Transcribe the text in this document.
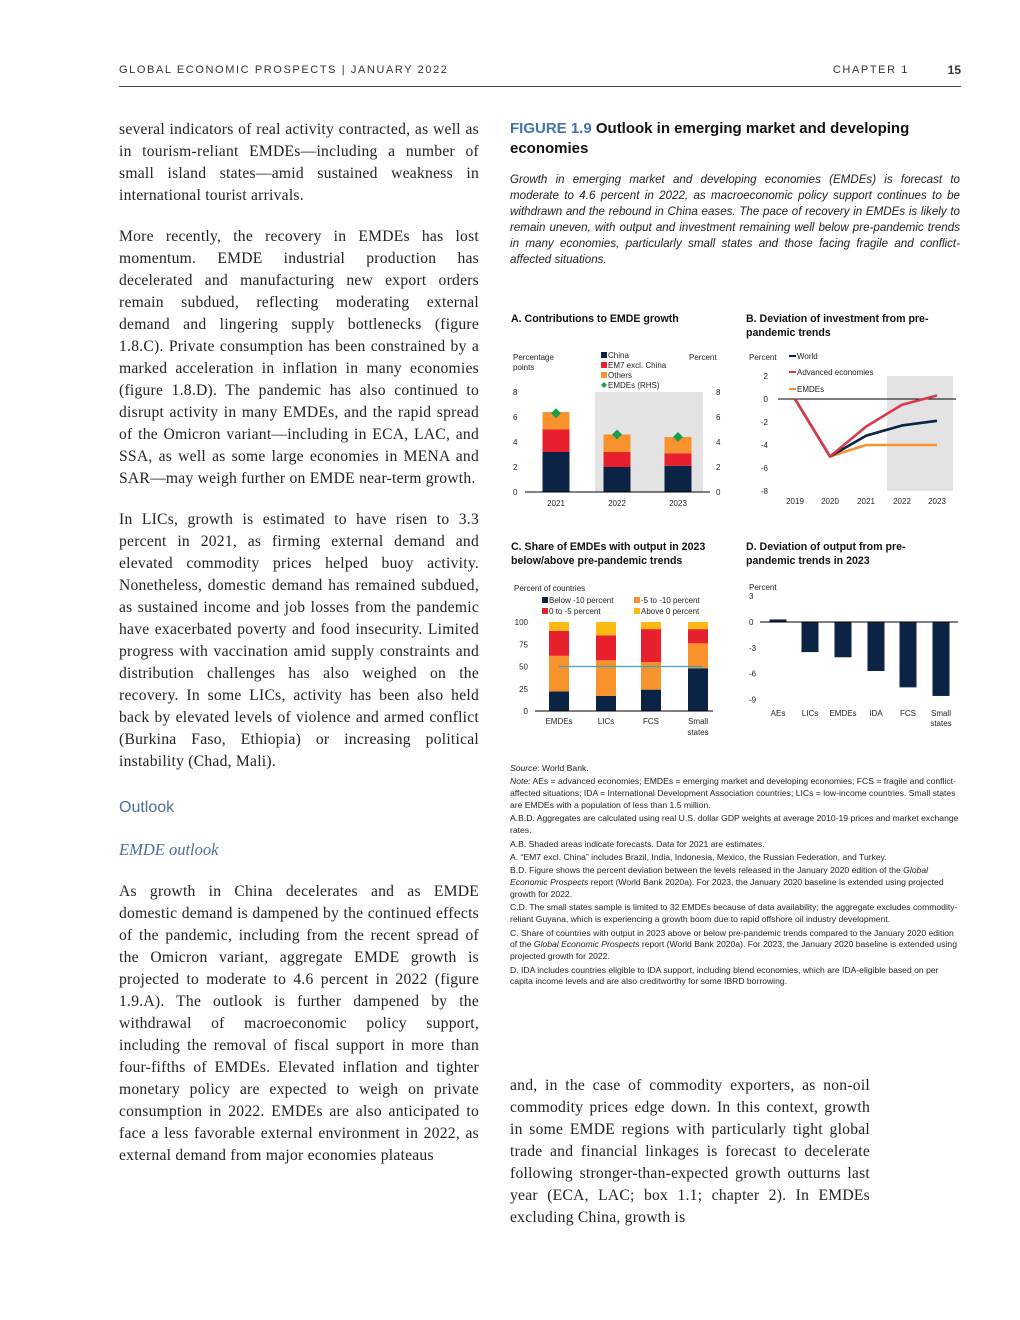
GLOBAL ECONOMIC PROSPECTS | JANUARY 2022	CHAPTER 1	15

several indicators of real activity contracted, as well as in tourism-reliant EMDEs—including a number of small island states—amid sustained weakness in international tourist arrivals.

More recently, the recovery in EMDEs has lost momentum. EMDE industrial production has decelerated and manufacturing new export orders remain subdued, reflecting moderating external demand and lingering supply bottlenecks (figure 1.8.C). Private consumption has been constrained by a marked acceleration in inflation in many economies (figure 1.8.D). The pandemic has also continued to disrupt activity in many EMDEs, and the rapid spread of the Omicron variant—including in ECA, LAC, and SSA, as well as some large economies in MENA and SAR—may weigh further on EMDE near-term growth.

In LICs, growth is estimated to have risen to 3.3 percent in 2021, as firming external demand and elevated commodity prices helped buoy activity. Nonetheless, domestic demand has remained subdued, as sustained income and job losses from the pandemic have exacerbated poverty and food insecurity. Limited progress with vaccination amid supply constraints and distribution challenges has also weighed on the recovery. In some LICs, activity has been also held back by elevated levels of violence and armed conflict (Burkina Faso, Ethiopia) or increasing political instability (Chad, Mali).

Outlook
EMDE outlook

As growth in China decelerates and as EMDE domestic demand is dampened by the continued effects of the pandemic, including from the recent spread of the Omicron variant, aggregate EMDE growth is projected to moderate to 4.6 percent in 2022 (figure 1.9.A). The outlook is further dampened by the withdrawal of macroeconomic policy support, including the removal of fiscal support in more than four-fifths of EMDEs. Elevated inflation and tighter monetary policy are expected to weigh on private consumption in 2022. EMDEs are also anticipated to face a less favorable external environment in 2022, as external demand from major economies plateaus

and, in the case of commodity exporters, as non-oil commodity prices edge down. In this context, growth in some EMDE regions with particularly tight global trade and financial linkages is forecast to decelerate following stronger-than-expected growth outturns last year (ECA, LAC; box 1.1; chapter 2). In EMDEs excluding China, growth is

FIGURE 1.9 Outlook in emerging market and developing economies
Growth in emerging market and developing economies (EMDEs) is forecast to moderate to 4.6 percent in 2022, as macroeconomic policy support continues to be withdrawn and the rebound in China eases. The pace of recovery in EMDEs is likely to remain uneven, with output and investment remaining well below pre-pandemic trends in many economies, particularly small states and those facing fragile and conflict-affected situations.
A. Contributions to EMDE growth	B. Deviation of investment from pre-pandemic trends
C. Share of EMDEs with output in 2023 below/above pre-pandemic trends
D. Deviation of output from pre-pandemic trends in 2023
0	0
2	2
4	4
6	6
8	8
Percentage
points
Percent
2021	2022	2023
China
EM7 excl. China
Others
EMDEs (RHS)
2
0
-2
-4
-6
-8
Percent
2019 2020 2021 2022 2023
World
Advanced economies
EMDEs
0
25
50
75
100
Percent of countries
EMDEs	LICs	FCS	Small
states
Below -10 percent	-5 to -10 percent
0 to -5 percent	Above 0 percent
3
0
-3
-6
-9
Percent
AEs LICs EMDEs IDA FCS Small
states

Source: World Bank.

Note: AEs = advanced economies; EMDEs = emerging market and developing economies; FCS = fragile and conflict-affected situations; IDA = International Development Association countries; LICs = low-income countries. Small states are EMDEs with a population of less than 1.5 million.

A.B.D. Aggregates are calculated using real U.S. dollar GDP weights at average 2010-19 prices and market exchange rates.

A.B. Shaded areas indicate forecasts. Data for 2021 are estimates.

A. “EM7 excl. China” includes Brazil, India, Indonesia, Mexico, the Russian Federation, and Turkey.

B.D. Figure shows the percent deviation between the levels released in the January 2020 edition of the Global Economic Prospects report (World Bank 2020a). For 2023, the January 2020 baseline is extended using projected growth for 2022.

C.D. The small states sample is limited to 32 EMDEs because of data availability; the aggregate excludes commodity-reliant Guyana, which is experiencing a growth boom due to rapid offshore oil industry development.

C. Share of countries with output in 2023 above or below pre-pandemic trends compared to the January 2020 edition of the Global Economic Prospects report (World Bank 2020a). For 2023, the January 2020 baseline is extended using projected growth for 2022.

D. IDA includes countries eligible to IDA support, including blend economies, which are IDA-eligible based on per capita income levels and are also creditworthy for some IBRD borrowing.
